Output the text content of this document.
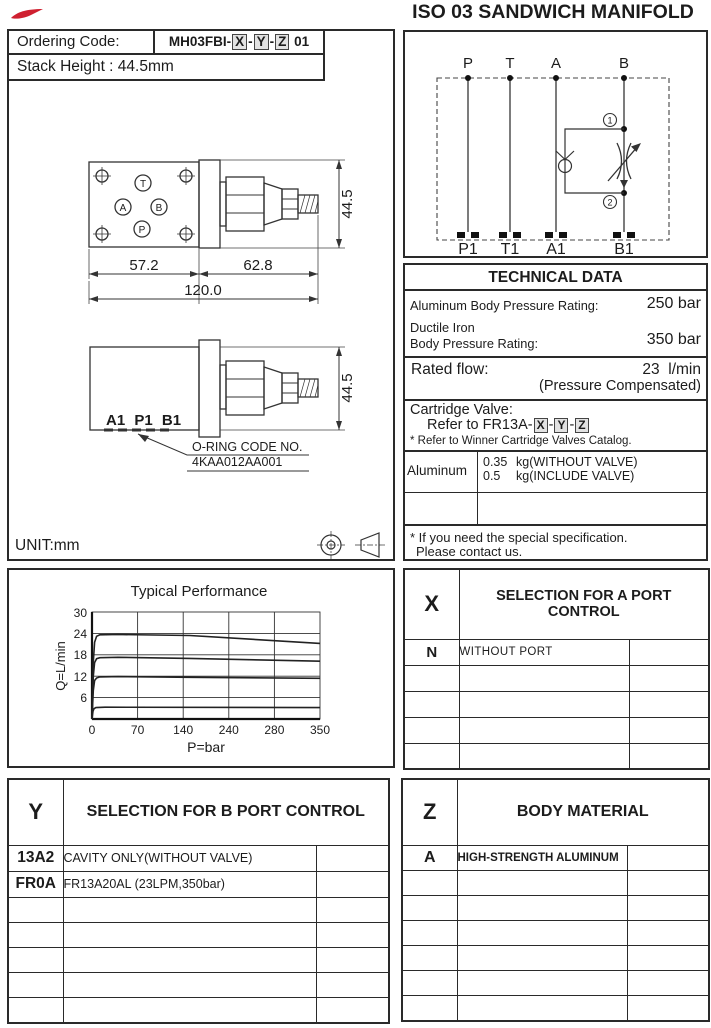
ISO 03 SANDWICH MANIFOLD
T
A	B
P
57.2	62.8
120.0
44.5
A1 P1 B1
O-RING CODE NO.
4KAA012AA001
44.5
Ordering Code:	MH03FBI- X - Y - Z 01
Stack Height : 44.5mm
UNIT:mm
P T A	B
P1 T1 A1	B1
1
2
TECHNICAL DATA
Aluminum Body Pressure Rating:	250 bar
Ductile Iron
Body Pressure Rating:	350 bar
Rated flow:	23 l/min
(Pressure Compensated)
Cartridge Valve:
Refer to FR13A- X - Y - Z
* Refer to Winner Cartridge Valves Catalog.
Aluminum
0.35 kg(WITHOUT VALVE)
0.5 kg(INCLUDE VALVE)
* If you need the special specification.
Please contact us.
Typical Performance
30
24
18
12
6
0	70 140 240 280 350
Q=L/min
P=bar
X	SELECTION FOR A PORT CONTROL	
N	WITHOUT PORT	

Y	SELECTION FOR B PORT CONTROL	
13A2	CAVITY ONLY(WITHOUT VALVE)	
FR0A	FR13A20AL (23LPM,350bar)	

Z	BODY MATERIAL	
A	HIGH-STRENGTH ALUMINUM	
